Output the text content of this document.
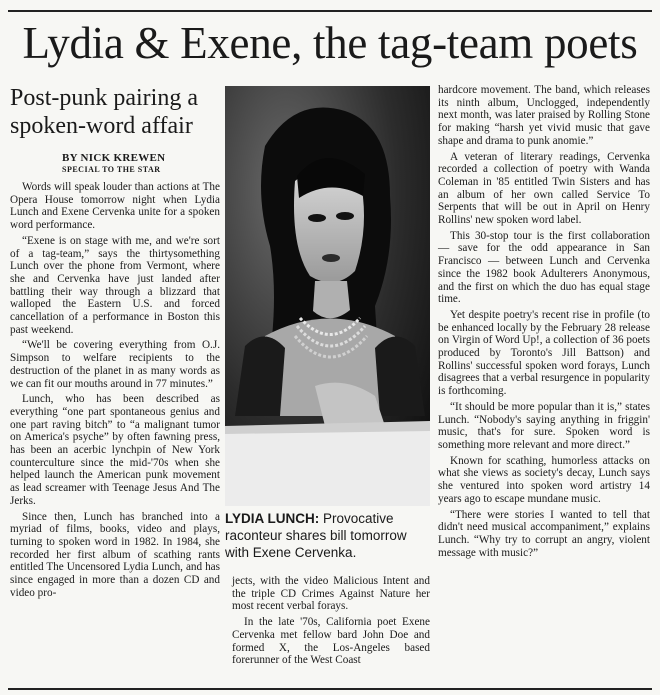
Lydia & Exene, the tag-team poets
Post-punk pairing a spoken-word affair
BY NICK KREWEN
SPECIAL TO THE STAR

Words will speak louder than actions at The Opera House tomorrow night when Lydia Lunch and Exene Cervenka unite for a spoken word performance.

“Exene is on stage with me, and we're sort of a tag-team,” says the thirtysomething Lunch over the phone from Vermont, where she and Cervenka have just landed after battling their way through a blizzard that walloped the Eastern U.S. and forced cancellation of a performance in Boston this past weekend.

“We'll be covering everything from O.J. Simpson to welfare recipients to the destruction of the planet in as many words as we can fit our mouths around in 77 minutes.”

Lunch, who has been described as everything “one part spontaneous genius and one part raving bitch” to “a malignant tumor on America's psyche” by often fawning press, has been an acerbic lynchpin of New York counterculture since the mid-'70s when she helped launch the American punk movement as lead screamer with Teenage Jesus And The Jerks.

Since then, Lunch has branched into a myriad of films, books, video and plays, turning to spoken word in 1982. In 1984, she recorded her first album of scathing rants entitled The Uncensored Lydia Lunch, and has since engaged in more than a dozen CD and video pro-

LYDIA LUNCH: Provocative raconteur shares bill tomorrow with Exene Cervenka.

jects, with the video Malicious Intent and the triple CD Crimes Against Nature her most recent verbal forays.

In the late '70s, California poet Exene Cervenka met fellow bard John Doe and formed X, the Los-Angeles based forerunner of the West Coast

hardcore movement. The band, which releases its ninth album, Unclogged, independently next month, was later praised by Rolling Stone for making “harsh yet vivid music that gave shape and drama to punk anomie.”

A veteran of literary readings, Cervenka recorded a collection of poetry with Wanda Coleman in '85 entitled Twin Sisters and has an album of her own called Service To Serpents that will be out in April on Henry Rollins' new spoken word label.

This 30-stop tour is the first collaboration — save for the odd appearance in San Francisco — between Lunch and Cervenka since the 1982 book Adulterers Anonymous, and the first on which the duo has equal stage time.

Yet despite poetry's recent rise in profile (to be enhanced locally by the February 28 release on Virgin of Word Up!, a collection of 36 poets produced by Toronto's Jill Battson) and Rollins' successful spoken word forays, Lunch disagrees that a verbal resurgence in popularity is forthcoming.

“It should be more popular than it is,” states Lunch. “Nobody's saying anything in friggin' music, that's for sure. Spoken word is something more relevant and more direct.”

Known for scathing, humorless attacks on what she views as society's decay, Lunch says she ventured into spoken word artistry 14 years ago to escape mundane music.

“There were stories I wanted to tell that didn't need musical accompaniment,” explains Lunch. “Why try to corrupt an angry, violent message with music?”
